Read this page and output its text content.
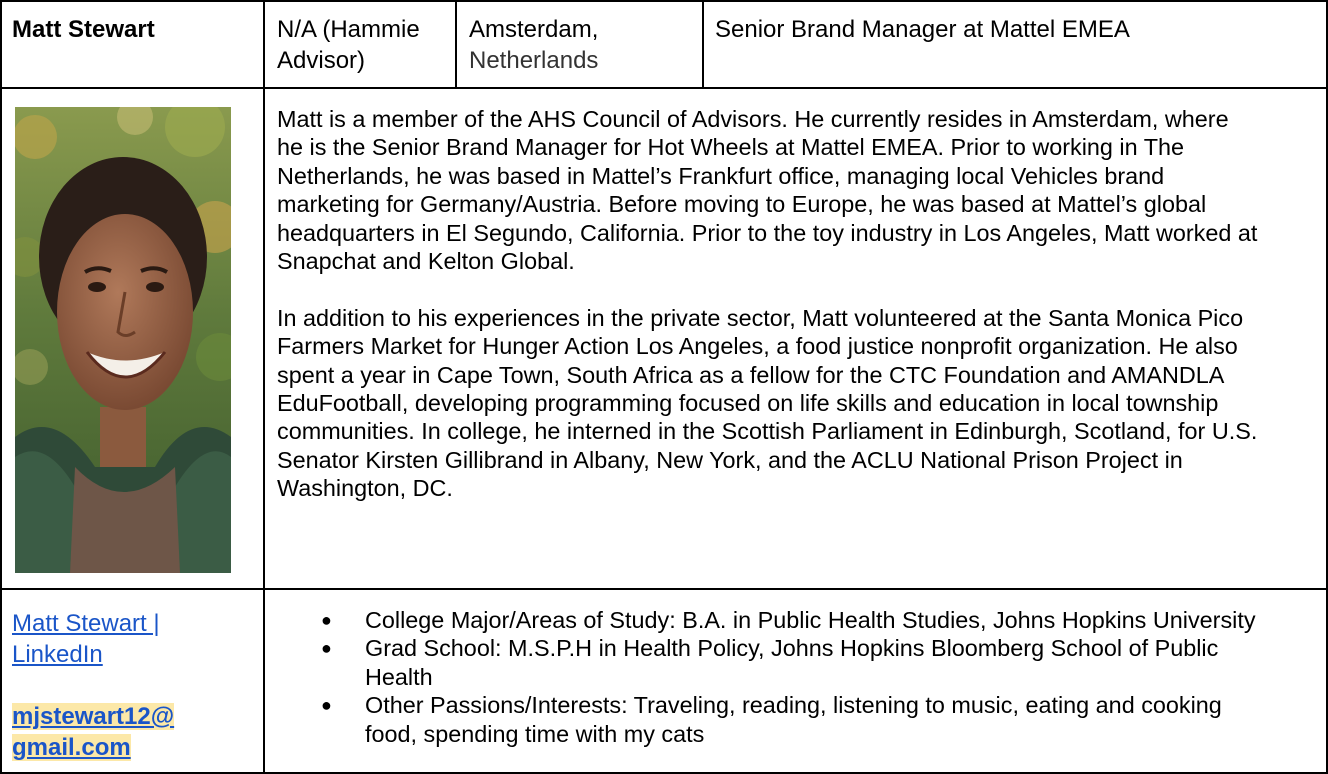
Matt Stewart	N/A (Hammie
Advisor)
Amsterdam,
Netherlands
Senior Brand Manager at Mattel EMEA

Matt is a member of the AHS Council of Advisors. He currently resides in Amsterdam, where
he is the Senior Brand Manager for Hot Wheels at Mattel EMEA. Prior to working in The
Netherlands, he was based in Mattel’s Frankfurt office, managing local Vehicles brand
marketing for Germany/Austria. Before moving to Europe, he was based at Mattel’s global
headquarters in El Segundo, California. Prior to the toy industry in Los Angeles, Matt worked at
Snapchat and Kelton Global.

In addition to his experiences in the private sector, Matt volunteered at the Santa Monica Pico
Farmers Market for Hunger Action Los Angeles, a food justice nonprofit organization. He also
spent a year in Cape Town, South Africa as a fellow for the CTC Foundation and AMANDLA
EduFootball, developing programming focused on life skills and education in local township
communities. In college, he interned in the Scottish Parliament in Edinburgh, Scotland, for U.S.
Senator Kirsten Gillibrand in Albany, New York, and the ACLU National Prison Project in
Washington, DC.

Matt Stewart |
LinkedIn
mjstewart12@
gmail.com
● College Major/Areas of Study: B.A. in Public Health Studies, Johns Hopkins University
● Grad School: M.S.P.H in Health Policy, Johns Hopkins Bloomberg School of Public
Health
● Other Passions/Interests: Traveling, reading, listening to music, eating and cooking
food, spending time with my cats
